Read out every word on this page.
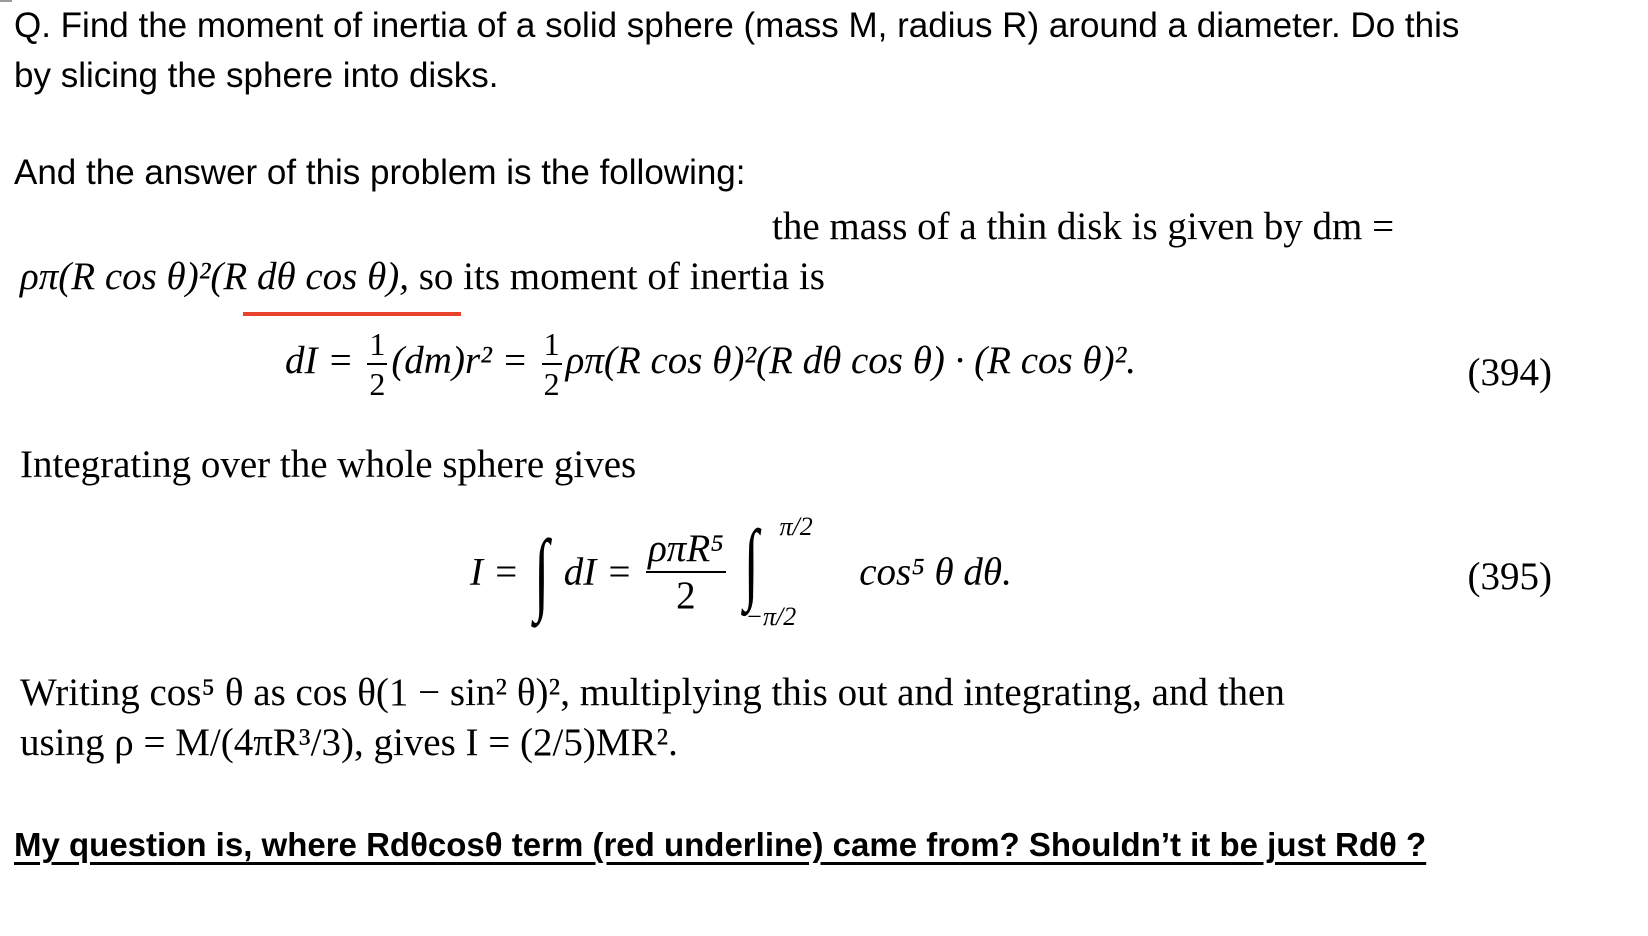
Q. Find the moment of inertia of a solid sphere (mass M, radius R) around a diameter. Do this
by slicing the sphere into disks.
And the answer of this problem is the following:
the mass of a thin disk is given by dm =
ρπ(R cos θ)²(R dθ cos θ), so its moment of inertia is
dI = $\frac{1}{2} (dm)r^2 = \frac{1}{2} \rho\pi(R$ cos θ)²(R dθ cos θ) · (R cos θ)².	(394)
Integrating over the whole sphere gives
I = ∫ dI = $\frac{\text{ρπR⁵}}{2}$
∫ π/2
−π/2
cos⁵ θ dθ.	(395)
Writing cos⁵ θ as cos θ(1 − sin² θ)², multiplying this out and integrating, and then
using ρ = M/(4πR³/3), gives I = (2/5)MR².
My question is, where Rdθcosθ term (red underline) came from? Shouldn’t it be just Rdθ ?
